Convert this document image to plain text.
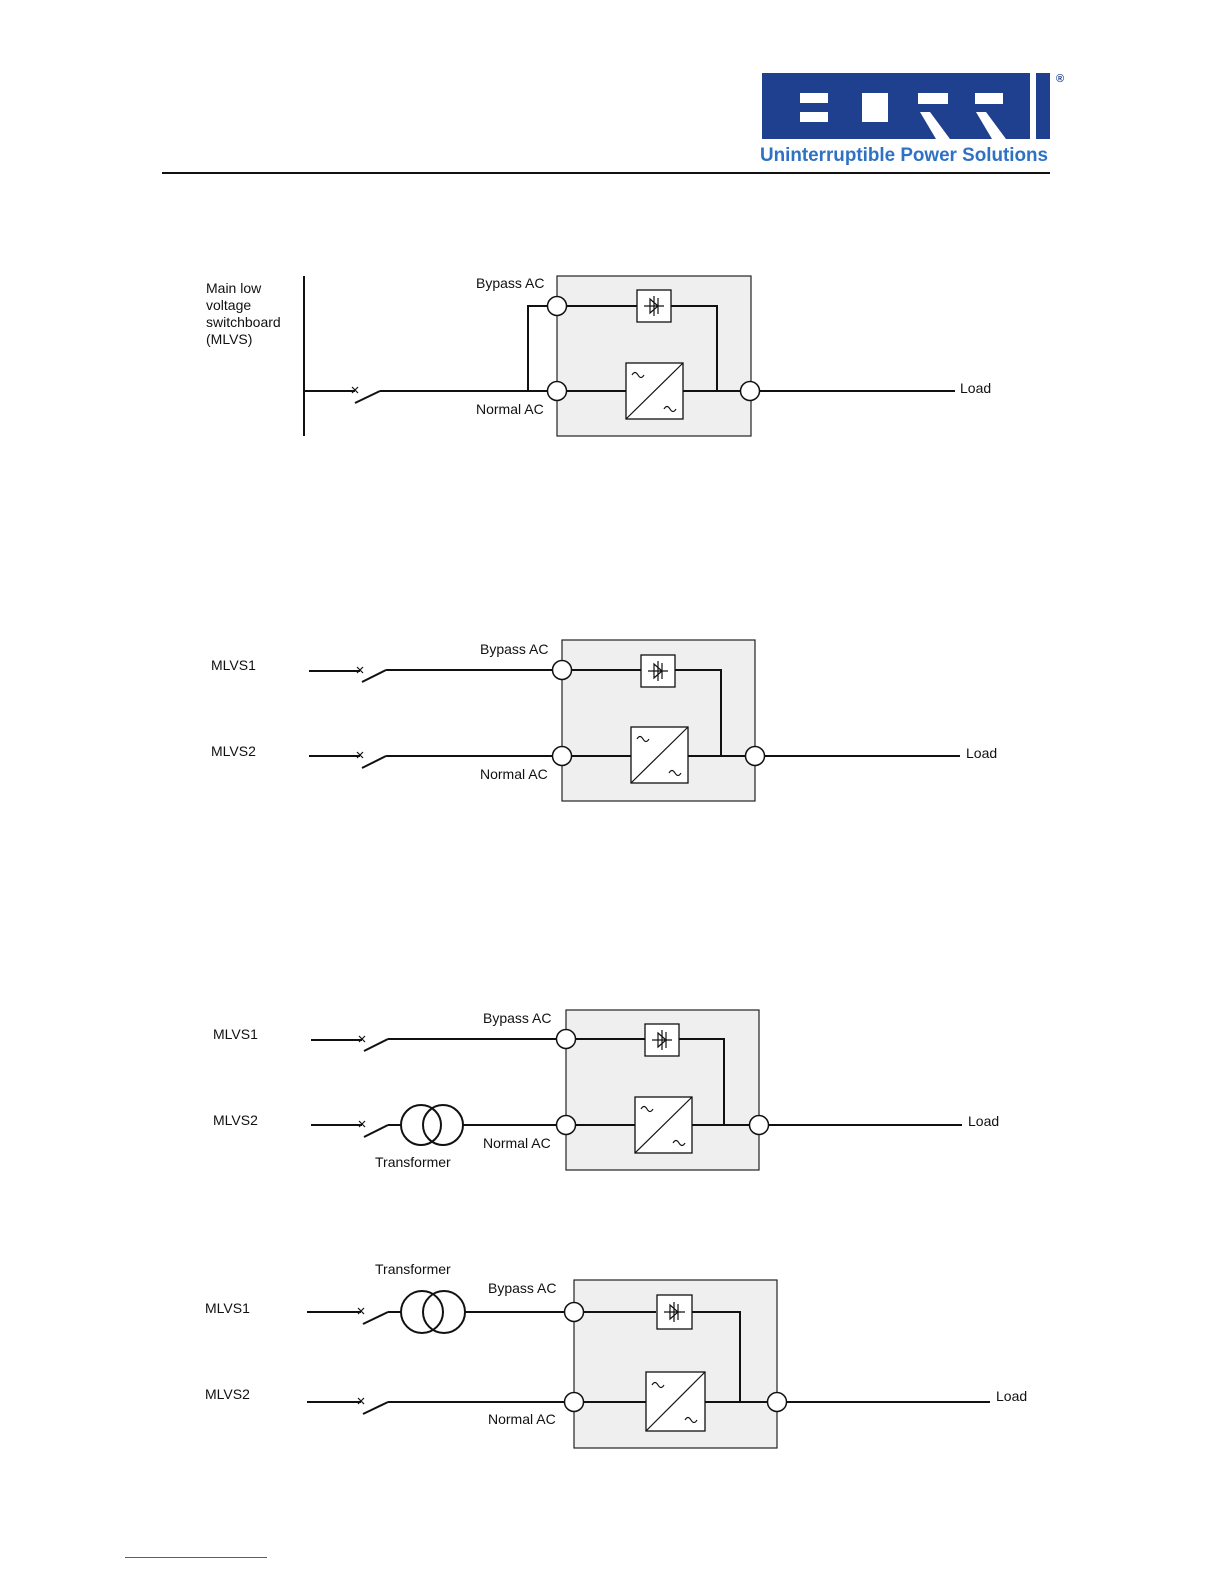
BORRI
®
Uninterruptible Power Solutions
Main low
voltage
switchboard
(MLVS)
Bypass AC
Normal AC
Load
MLVS1
MLVS2
Bypass AC
Normal AC
Load
MLVS1
MLVS2
Transformer
Bypass AC
Normal AC
Load
MLVS1
MLVS2
Transformer
Bypass AC
Normal AC
Load
